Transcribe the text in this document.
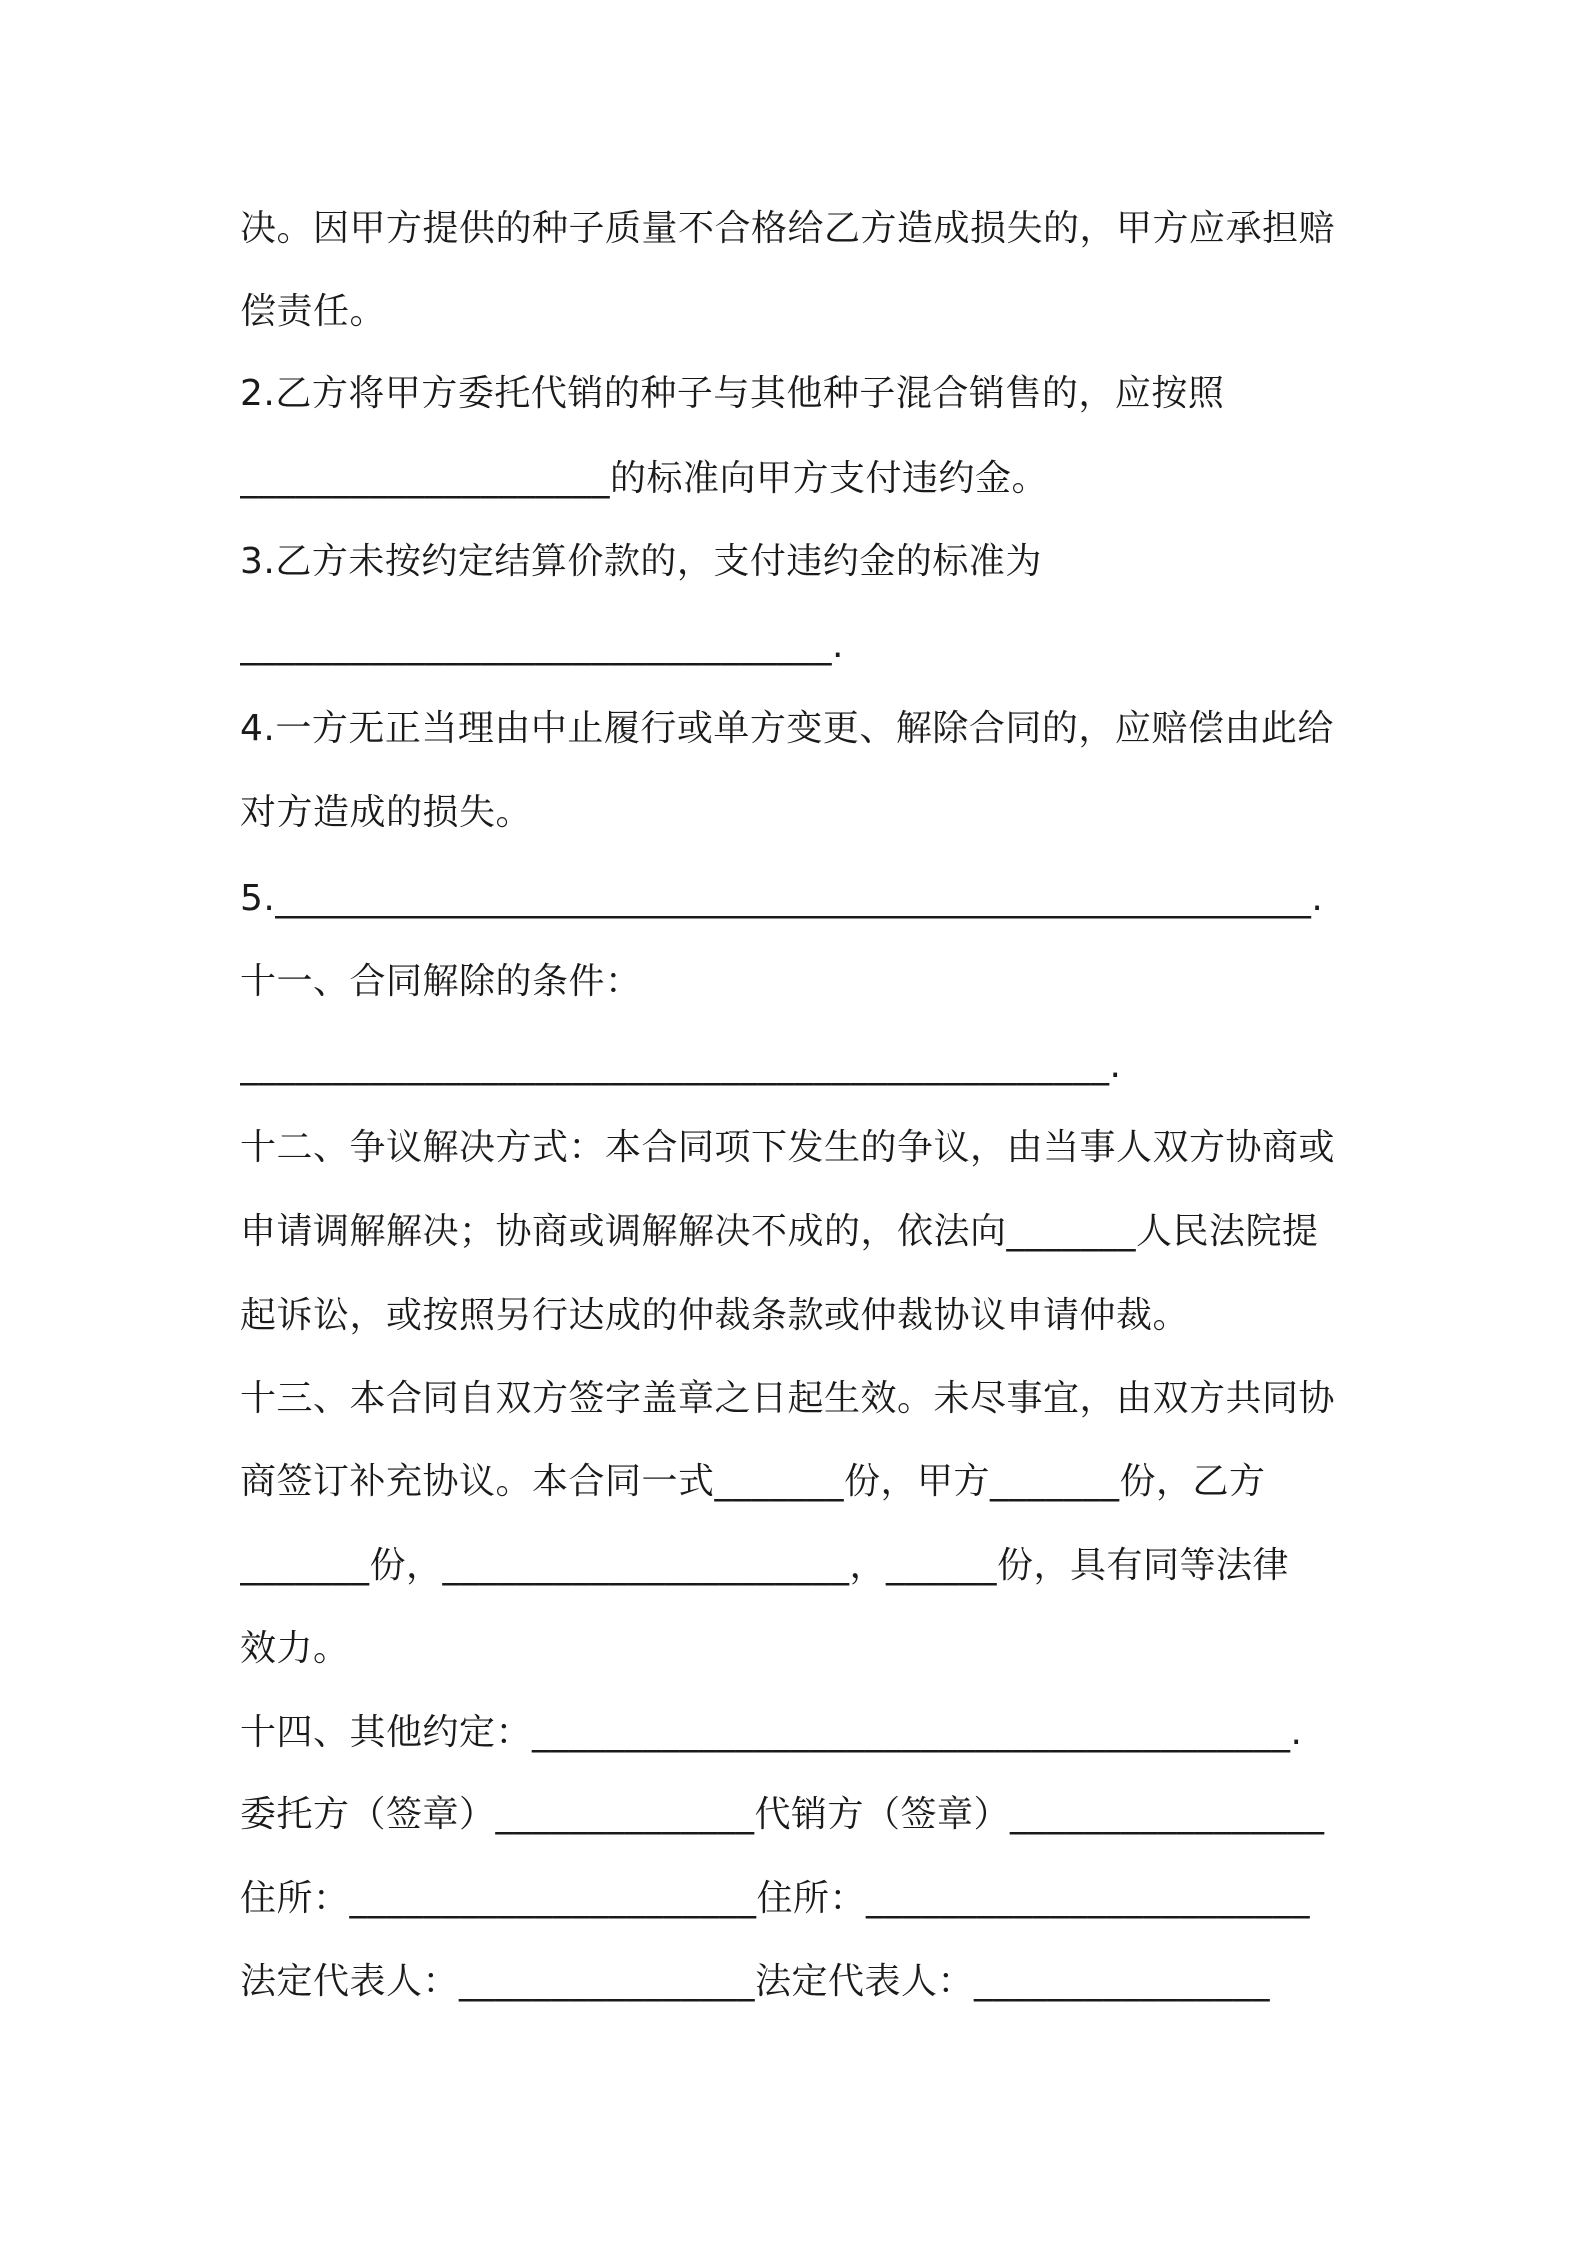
决。因甲方提供的种子质量不合格给乙方造成损失的，甲方应承担赔
偿责任。
2.乙方将甲方委托代销的种子与其他种子混合销售的，应按照
____________________的标准向甲方支付违约金。
3.乙方未按约定结算价款的，支付违约金的标准为
________________________________.
4.一方无正当理由中止履行或单方变更、解除合同的，应赔偿由此给
对方造成的损失。
5.________________________________________________________.
十一、合同解除的条件：
_______________________________________________.
十二、争议解决方式：本合同项下发生的争议，由当事人双方协商或
申请调解解决；协商或调解解决不成的，依法向_______人民法院提
起诉讼，或按照另行达成的仲裁条款或仲裁协议申请仲裁。
十三、本合同自双方签字盖章之日起生效。未尽事宜，由双方共同协
商签订补充协议。本合同一式_______份，甲方_______份，乙方
_______份，______________________，______份，具有同等法律
效力。
十四、其他约定：_________________________________________.
委托方（签章）______________代销方（签章）_________________
住所：______________________住所：________________________
法定代表人：________________法定代表人：________________
